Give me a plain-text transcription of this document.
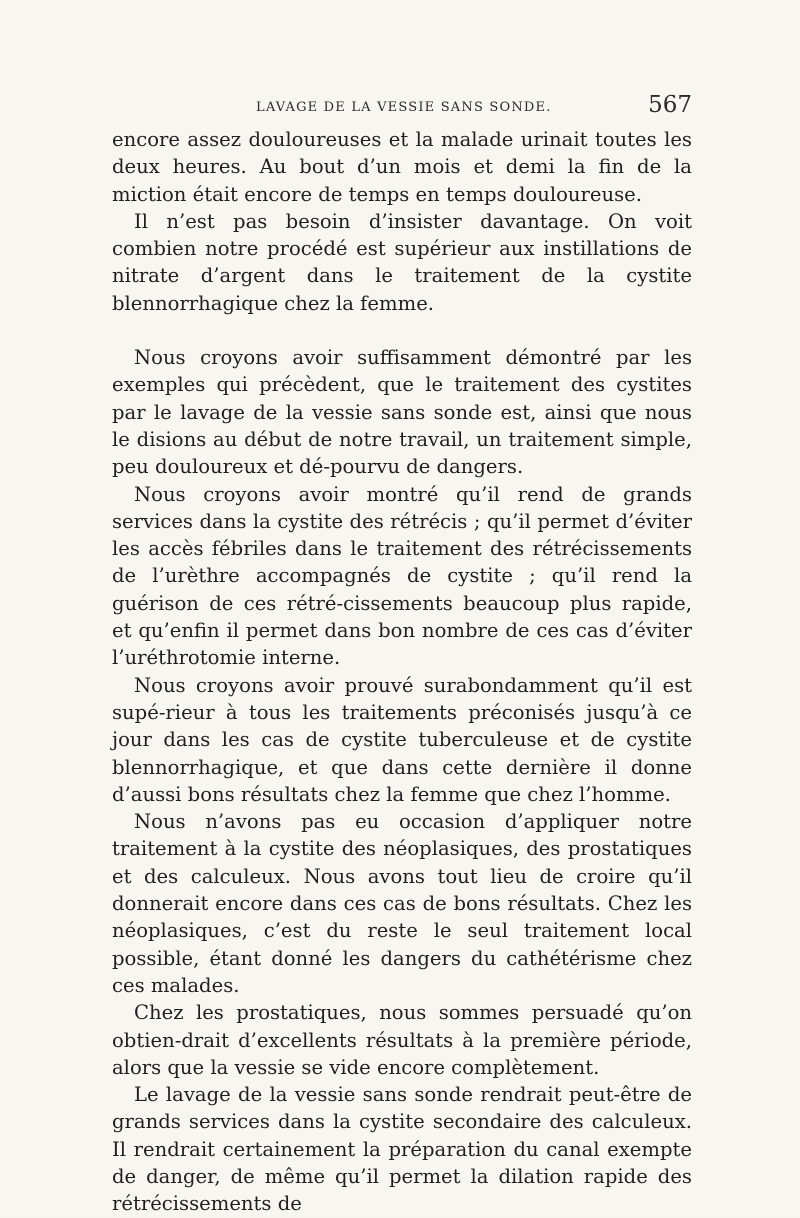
LAVAGE DE LA VESSIE SANS SONDE.	567

encore assez douloureuses et la malade urinait toutes les deux heures. Au bout d’un mois et demi la fin de la miction était encore de temps en temps douloureuse.

Il n’est pas besoin d’insister davantage. On voit combien notre procédé est supérieur aux instillations de nitrate d’argent dans le traitement de la cystite blennorrhagique chez la femme.

Nous croyons avoir suffisamment démontré par les exemples qui précèdent, que le traitement des cystites par le lavage de la vessie sans sonde est, ainsi que nous le disions au début de notre travail, un traitement simple, peu douloureux et dé-pourvu de dangers.

Nous croyons avoir montré qu’il rend de grands services dans la cystite des rétrécis ; qu’il permet d’éviter les accès fébriles dans le traitement des rétrécissements de l’urèthre accompagnés de cystite ; qu’il rend la guérison de ces rétré-cissements beaucoup plus rapide, et qu’enfin il permet dans bon nombre de ces cas d’éviter l’uréthrotomie interne.

Nous croyons avoir prouvé surabondamment qu’il est supé-rieur à tous les traitements préconisés jusqu’à ce jour dans les cas de cystite tuberculeuse et de cystite blennorrhagique, et que dans cette dernière il donne d’aussi bons résultats chez la femme que chez l’homme.

Nous n’avons pas eu occasion d’appliquer notre traitement à la cystite des néoplasiques, des prostatiques et des calculeux. Nous avons tout lieu de croire qu’il donnerait encore dans ces cas de bons résultats. Chez les néoplasiques, c’est du reste le seul traitement local possible, étant donné les dangers du cathétérisme chez ces malades.

Chez les prostatiques, nous sommes persuadé qu’on obtien-drait d’excellents résultats à la première période, alors que la vessie se vide encore complètement.

Le lavage de la vessie sans sonde rendrait peut-être de grands services dans la cystite secondaire des calculeux. Il rendrait certainement la préparation du canal exempte de danger, de même qu’il permet la dilation rapide des rétrécissements de
